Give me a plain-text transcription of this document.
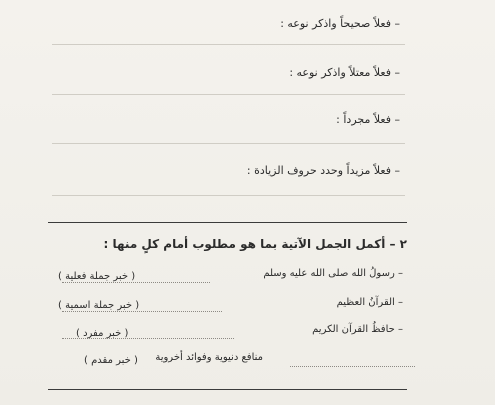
– فعلاً صحيحاً واذكر نوعه :
– فعلاً معتلاً واذكر نوعه :
– فعلاً مجرداً :
– فعلاً مزيداً وحدد حروف الزيادة :
٢ – أكمل الجمل الآتية بما هو مطلوب أمام كلٍ منها :
– رسولُ الله صلى الله عليه وسلم
( خبر جملة فعلية )
– القرآنُ العظيم
( خبر جملة اسمية )
– حافظُ القرآن الكريم
( خبر مفرد )
منافع دنيوية وفوائد أخروية
( خبر مقدم )
